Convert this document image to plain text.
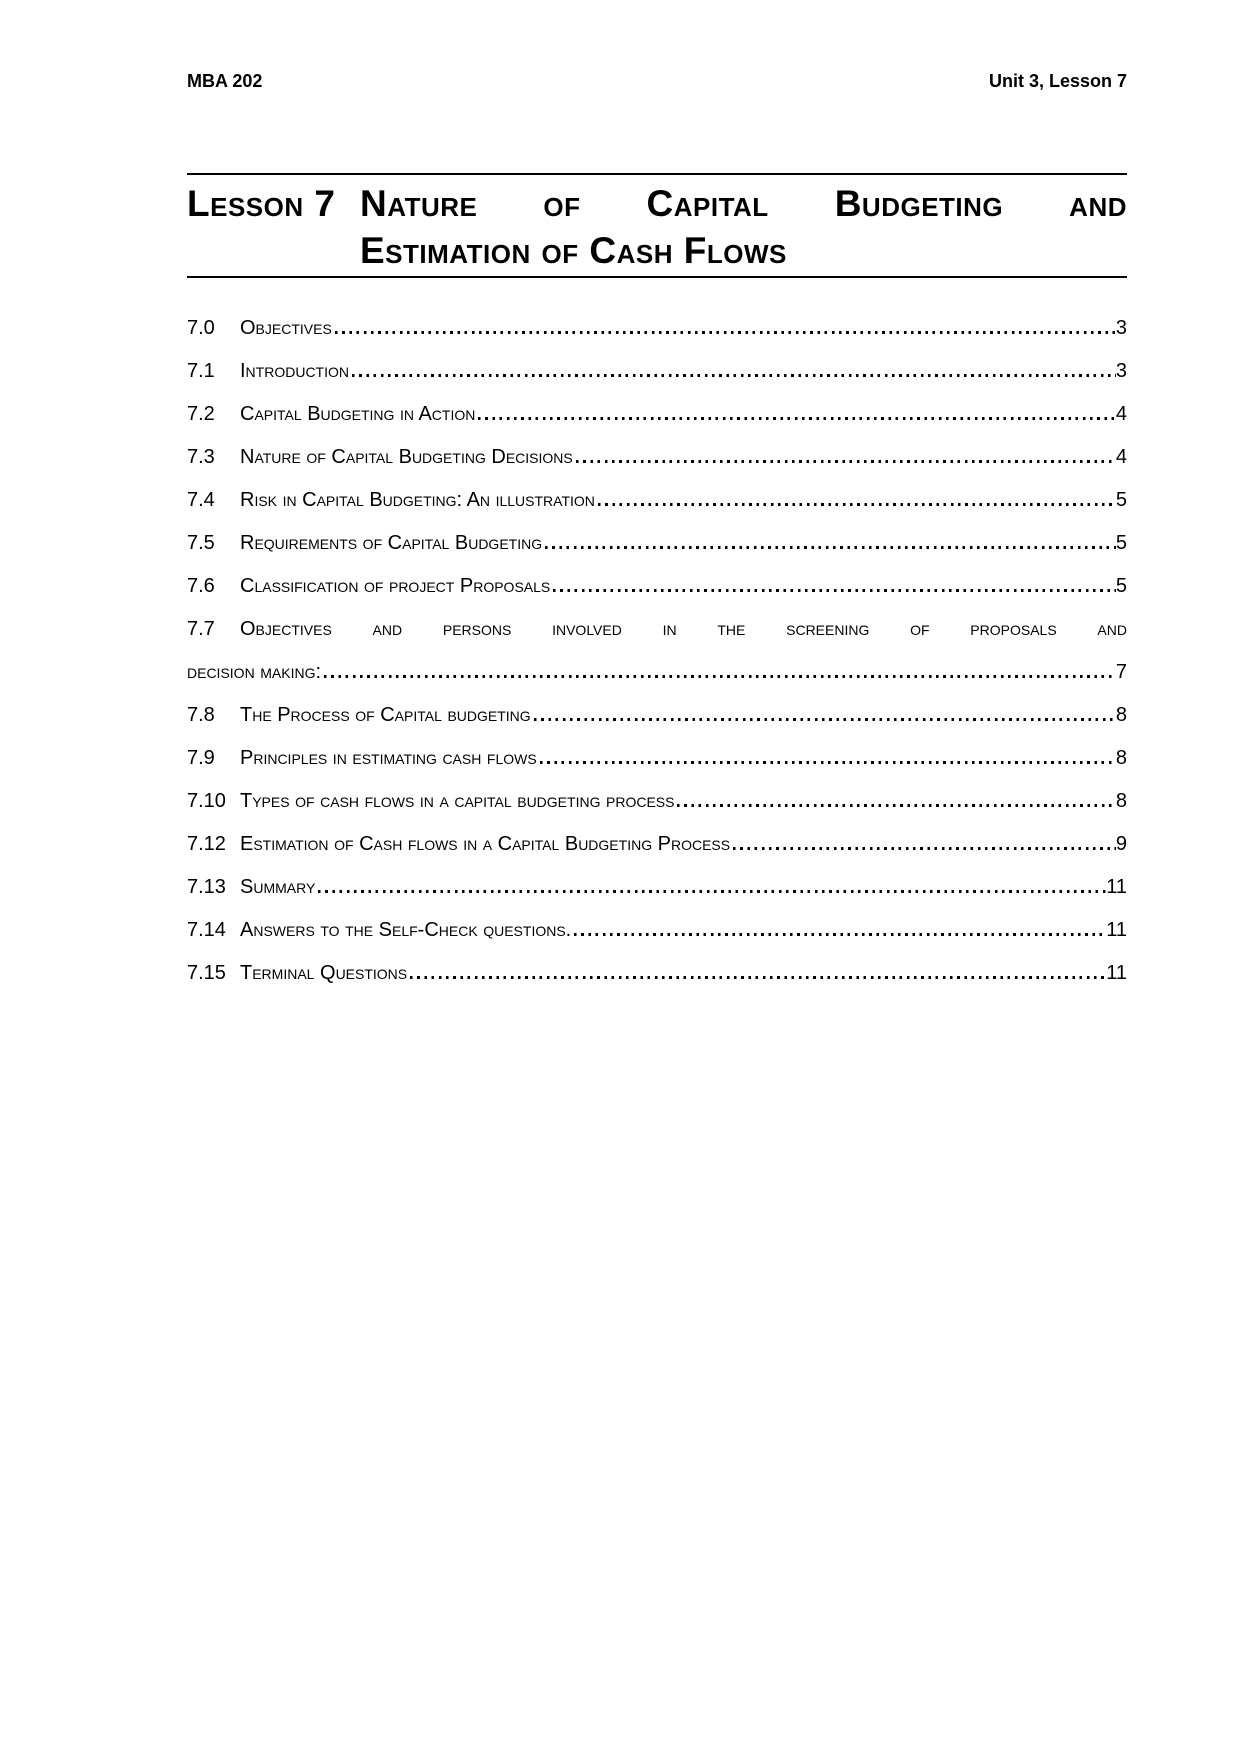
MBA 202	Unit 3, Lesson 7
Lesson 7 Nature of Capital Budgeting and
Estimation of Cash Flows
7.0	Objectives	3
7.1	Introduction	3
7.2	Capital Budgeting in Action	4
7.3	Nature of Capital Budgeting Decisions	4
7.4	Risk in Capital Budgeting: An illustration	5
7.5	Requirements of Capital Budgeting	5
7.6	Classification of project Proposals	5
7.7	Objectives and persons involved in the screening of proposals and
decision making:	7
7.8	The Process of Capital budgeting	8
7.9	Principles in estimating cash flows	8
7.10 Types of cash flows in a capital budgeting process	8
7.12 Estimation of Cash flows in a Capital Budgeting Process	9
7.13 Summary	11
7.14 Answers to the Self-Check questions.	11
7.15 Terminal Questions	11
